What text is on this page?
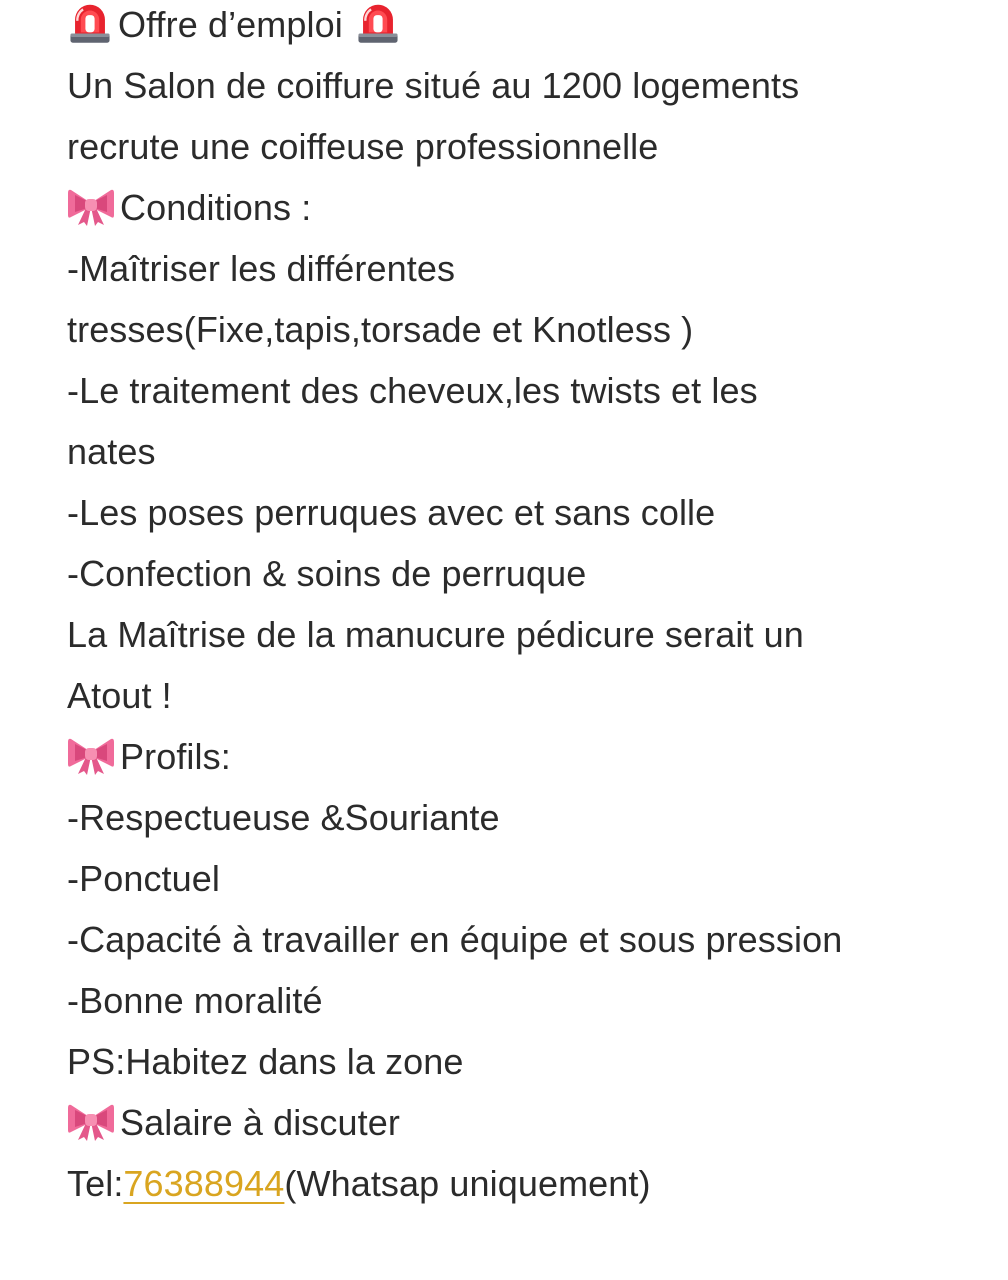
Offre d’emploi
Un Salon de coiffure situé au 1200 logements
recrute une coiffeuse professionnelle
Conditions :
-Maîtriser les différentes
tresses(Fixe,tapis,torsade et Knotless )
-Le traitement des cheveux,les twists et les
nates
-Les poses perruques avec et sans colle
-Confection & soins de perruque
La Maîtrise de la manucure pédicure serait un
Atout !
Profils:
-Respectueuse &Souriante
-Ponctuel
-Capacité à travailler en équipe et sous pression
-Bonne moralité
PS:Habitez dans la zone
Salaire à discuter
Tel:76388944(Whatsap uniquement)
